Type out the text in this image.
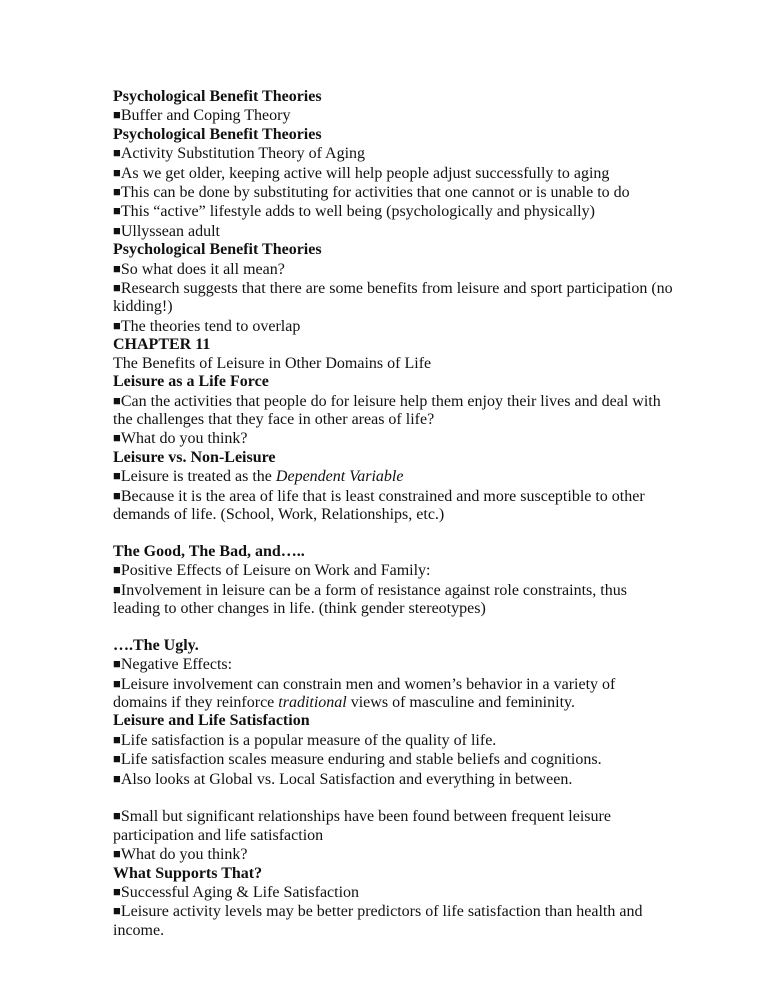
Psychological Benefit Theories
■Buffer and Coping Theory
Psychological Benefit Theories
■Activity Substitution Theory of Aging
■As we get older, keeping active will help people adjust successfully to aging
■This can be done by substituting for activities that one cannot or is unable to do
■This “active” lifestyle adds to well being (psychologically and physically)
■Ullyssean adult
Psychological Benefit Theories
■So what does it all mean?
■Research suggests that there are some benefits from leisure and sport participation (no kidding!)
■The theories tend to overlap
CHAPTER 11
The Benefits of Leisure in Other Domains of Life
Leisure as a Life Force
■Can the activities that people do for leisure help them enjoy their lives and deal with the challenges that they face in other areas of life?
■What do you think?
Leisure vs. Non-Leisure
■Leisure is treated as the Dependent Variable
■Because it is the area of life that is least constrained and more susceptible to other demands of life. (School, Work, Relationships, etc.)
The Good, The Bad, and…..
■Positive Effects of Leisure on Work and Family:
■Involvement in leisure can be a form of resistance against role constraints, thus leading to other changes in life. (think gender stereotypes)
….The Ugly.
■Negative Effects:
■Leisure involvement can constrain men and women’s behavior in a variety of domains if they reinforce traditional views of masculine and femininity.
Leisure and Life Satisfaction
■Life satisfaction is a popular measure of the quality of life.
■Life satisfaction scales measure enduring and stable beliefs and cognitions.
■Also looks at Global vs. Local Satisfaction and everything in between.
■Small but significant relationships have been found between frequent leisure participation and life satisfaction
■What do you think?
What Supports That?
■Successful Aging & Life Satisfaction
■Leisure activity levels may be better predictors of life satisfaction than health and income.
